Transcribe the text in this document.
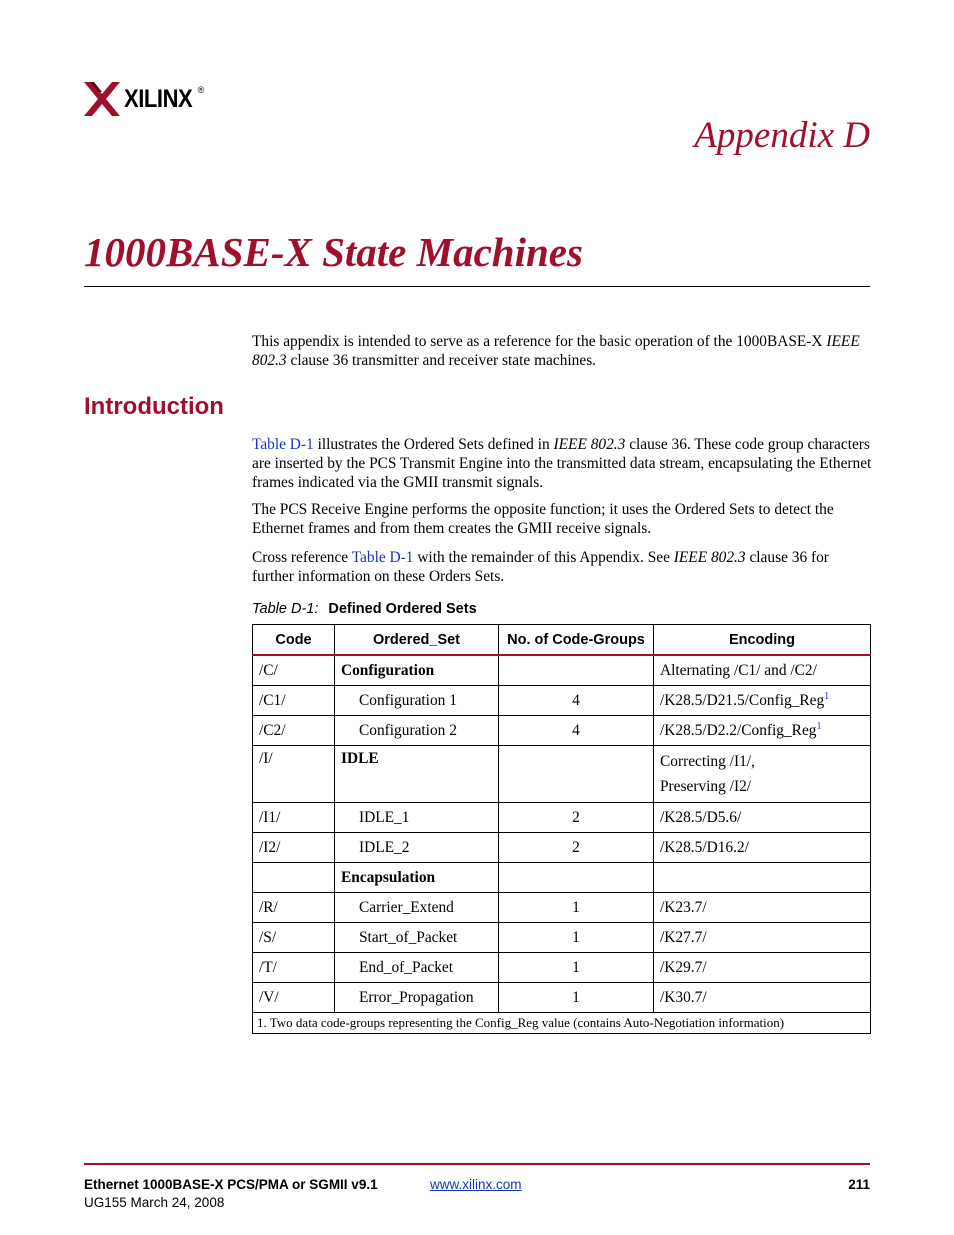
XILINX ®
Appendix D
1000BASE-X State Machines

This appendix is intended to serve as a reference for the basic operation of the 1000BASE-X IEEE 802.3 clause 36 transmitter and receiver state machines.

Introduction

Table D-1 illustrates the Ordered Sets defined in IEEE 802.3 clause 36. These code group characters are inserted by the PCS Transmit Engine into the transmitted data stream, encapsulating the Ethernet frames indicated via the GMII transmit signals.

The PCS Receive Engine performs the opposite function; it uses the Ordered Sets to detect the Ethernet frames and from them creates the GMII receive signals.

Cross reference Table D-1 with the remainder of this Appendix. See IEEE 802.3 clause 36 for further information on these Orders Sets.

Table D-1: Defined Ordered Sets

Code	Ordered_Set	No. of Code-Groups	Encoding
/C/	Configuration		Alternating /C1/ and /C2/
/C1/	Configuration 1	4	/K28.5/D21.5/Config_Reg$^1$
/C2/	Configuration 2	4	/K28.5/D2.2/Config_Reg$^1$
/I/	IDLE		Correcting /I1/,
Preserving /I2/

/I1/	IDLE_1	2	/K28.5/D5.6/
/I2/	IDLE_2	2	/K28.5/D16.2/
	Encapsulation		
/R/	Carrier_Extend	1	/K23.7/
/S/	Start_of_Packet	1	/K27.7/
/T/	End_of_Packet	1	/K29.7/
/V/	Error_Propagation	1	/K30.7/
1. Two data code-groups representing the Config_Reg value (contains Auto-Negotiation information)			

Ethernet 1000BASE-X PCS/PMA or SGMII v9.1

UG155 March 24, 2008

www.xilinx.com	211
